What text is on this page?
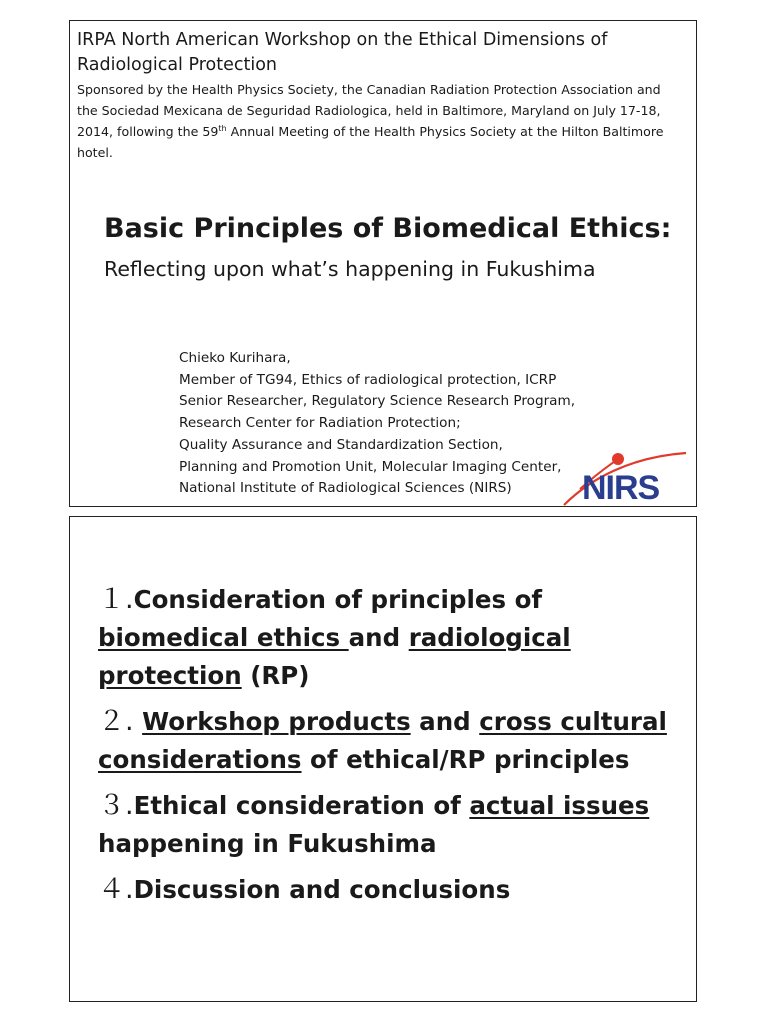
IRPA North American Workshop on the Ethical Dimensions of Radiological Protection
Sponsored by the Health Physics Society, the Canadian Radiation Protection Association and the Sociedad Mexicana de Seguridad Radiologica, held in Baltimore, Maryland on July 17-18, 2014, following the 59th Annual Meeting of the Health Physics Society at the Hilton Baltimore hotel.
Basic Principles of Biomedical Ethics:
Reflecting upon what’s happening in Fukushima
Chieko Kurihara,
Member of TG94, Ethics of radiological protection, ICRP
Senior Researcher, Regulatory Science Research Program,
Research Center for Radiation Protection;
Quality Assurance and Standardization Section,
Planning and Promotion Unit, Molecular Imaging Center,
National Institute of Radiological Sciences (NIRS)	NIRS
１.Consideration of principles of biomedical ethics and radiological protection (RP)
２. Workshop products and cross cultural considerations of ethical/RP principles
３.Ethical consideration of actual issues happening in Fukushima
４.Discussion and conclusions
